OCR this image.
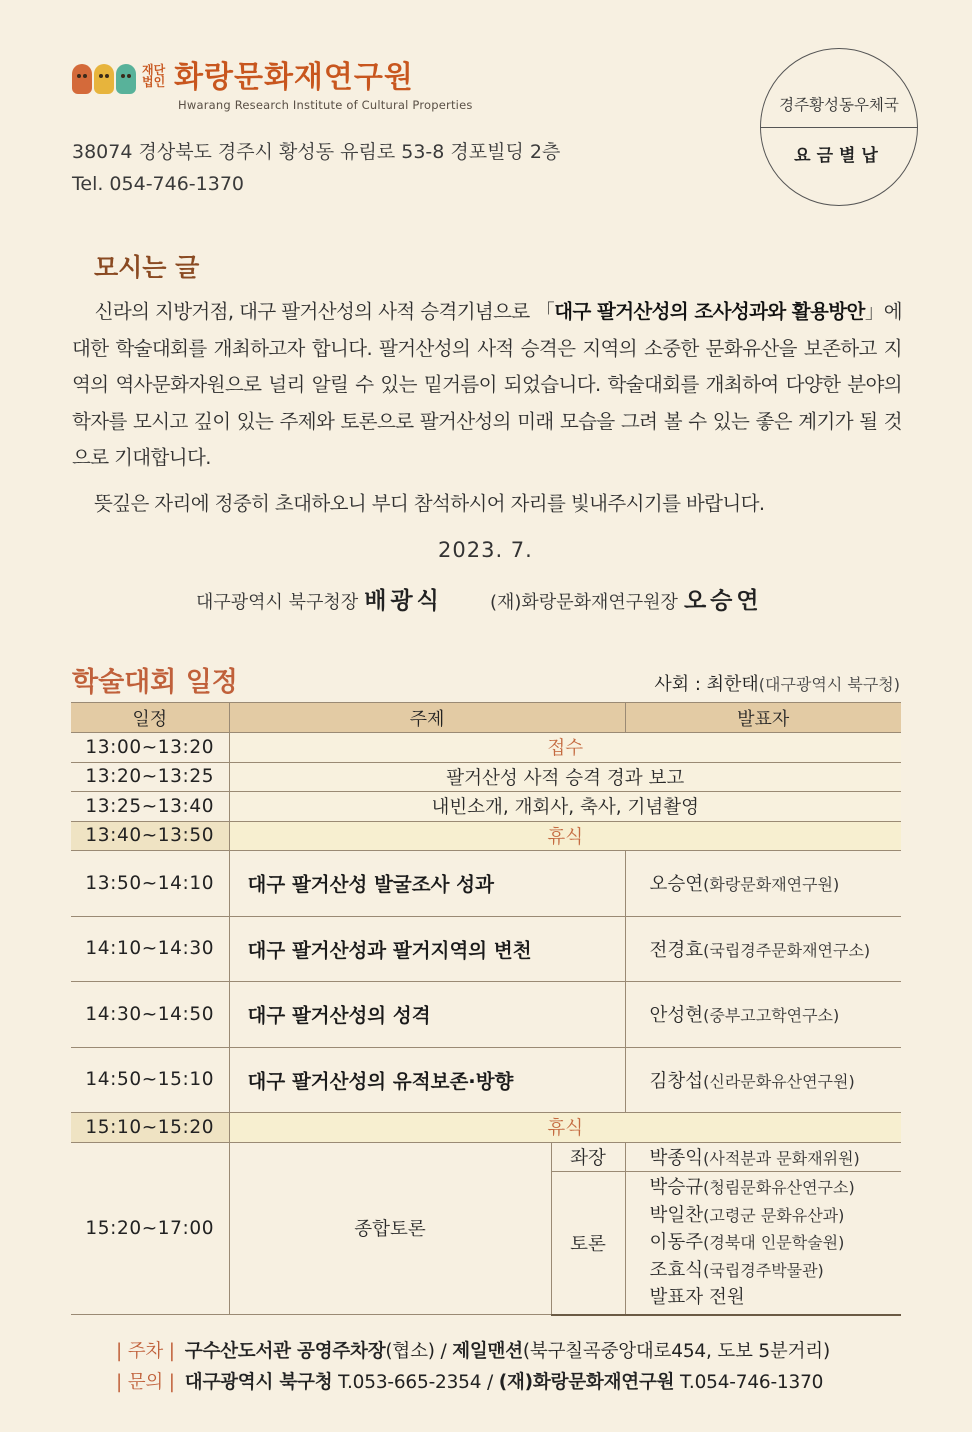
재단법인 화랑문화재연구원
Hwarang Research Institute of Cultural Properties
38074 경상북도 경주시 황성동 유림로 53-8 경포빌딩 2층
Tel. 054-746-1370
경주황성동우체국
요금별납
모시는 글
신라의 지방거점, 대구 팔거산성의 사적 승격기념으로 「대구 팔거산성의 조사성과와 활용방안」에 대한 학술대회를 개최하고자 합니다. 팔거산성의 사적 승격은 지역의 소중한 문화유산을 보존하고 지역의 역사문화자원으로 널리 알릴 수 있는 밑거름이 되었습니다. 학술대회를 개최하여 다양한 분야의 학자를 모시고 깊이 있는 주제와 토론으로 팔거산성의 미래 모습을 그려 볼 수 있는 좋은 계기가 될 것으로 기대합니다.
뜻깊은 자리에 정중히 초대하오니 부디 참석하시어 자리를 빛내주시기를 바랍니다.
2023. 7.
대구광역시 북구청장 배광식	(재)화랑문화재연구원장 오승연
학술대회 일정	사회 : 최한태(대구광역시 북구청)
일정	주제		발표자
13:00~13:20	접수		
13:20~13:25	팔거산성 사적 승격 경과 보고		
13:25~13:40	내빈소개, 개회사, 축사, 기념촬영		
13:40~13:50	휴식		
13:50~14:10	대구 팔거산성 발굴조사 성과		오승연(화랑문화재연구원)
14:10~14:30	대구 팔거산성과 팔거지역의 변천		전경효(국립경주문화재연구소)
14:30~14:50	대구 팔거산성의 성격		안성현(중부고고학연구소)
14:50~15:10	대구 팔거산성의 유적보존·방향		김창섭(신라문화유산연구원)
15:10~15:20	휴식		
15:20~17:00	종합토론	좌장	박종익(사적분과 문화재위원)
		토론	박승규(청림문화유산연구소)
박일찬(고령군 문화유산과)
이동주(경북대 인문학술원)
조효식(국립경주박물관)
발표자 전원
| 주차 | 구수산도서관 공영주차장(협소) / 제일맨션(북구칠곡중앙대로454, 도보 5분거리)
| 문의 | 대구광역시 북구청 T.053-665-2354 / (재)화랑문화재연구원 T.054-746-1370
